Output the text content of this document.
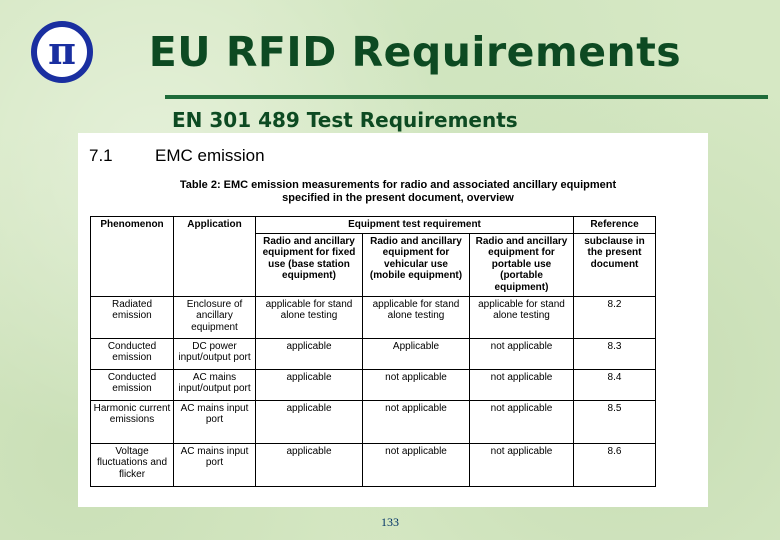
π	EU RFID Requirements
EN 301 489 Test Requirements
7.1 EMC emission
Table 2: EMC emission measurements for radio and associated ancillary equipment
specified in the present document, overview
Phenomenon	Application	Equipment test requirement			Reference
		Radio and ancillary equipment for fixed use (base station equipment)	Radio and ancillary equipment for vehicular use (mobile equipment)	Radio and ancillary equipment for portable use (portable equipment)	subclause in the present document
Radiated emission	Enclosure of ancillary equipment	applicable for stand alone testing	applicable for stand alone testing	applicable for stand alone testing	8.2
Conducted emission	DC power input/output port	applicable	Applicable	not applicable	8.3
Conducted emission	AC mains input/output port	applicable	not applicable	not applicable	8.4
Harmonic current emissions	AC mains input port	applicable	not applicable	not applicable	8.5
Voltage fluctuations and flicker	AC mains input port	applicable	not applicable	not applicable	8.6
133
